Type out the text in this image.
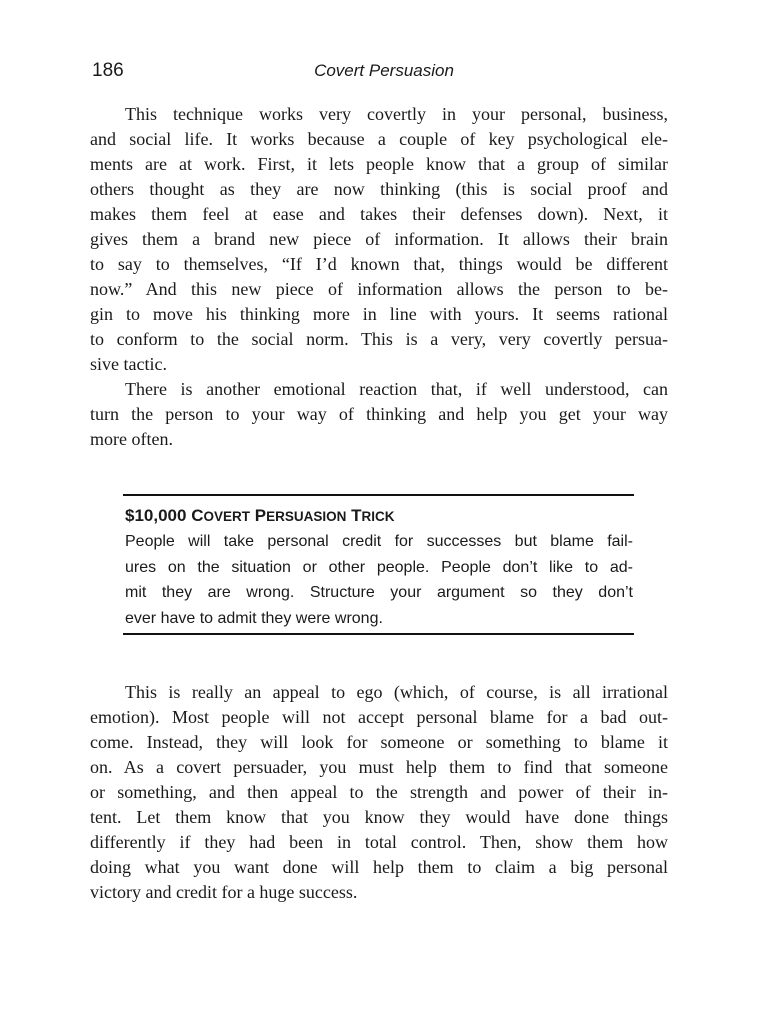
186	Covert Persuasion

This technique works very covertly in your personal, business,
and social life. It works because a couple of key psychological ele-
ments are at work. First, it lets people know that a group of similar
others thought as they are now thinking (this is social proof and
makes them feel at ease and takes their defenses down). Next, it
gives them a brand new piece of information. It allows their brain
to say to themselves, “If I’d known that, things would be different
now.” And this new piece of information allows the person to be-
gin to move his thinking more in line with yours. It seems rational
to conform to the social norm. This is a very, very covertly persua-
sive tactic.

There is another emotional reaction that, if well understood, can
turn the person to your way of thinking and help you get your way
more often.

$10,000 COVERT PERSUASION TRICK
People will take personal credit for successes but blame fail-
ures on the situation or other people. People don’t like to ad-
mit they are wrong. Structure your argument so they don’t
ever have to admit they were wrong.

This is really an appeal to ego (which, of course, is all irrational
emotion). Most people will not accept personal blame for a bad out-
come. Instead, they will look for someone or something to blame it
on. As a covert persuader, you must help them to find that someone
or something, and then appeal to the strength and power of their in-
tent. Let them know that you know they would have done things
differently if they had been in total control. Then, show them how
doing what you want done will help them to claim a big personal
victory and credit for a huge success.
